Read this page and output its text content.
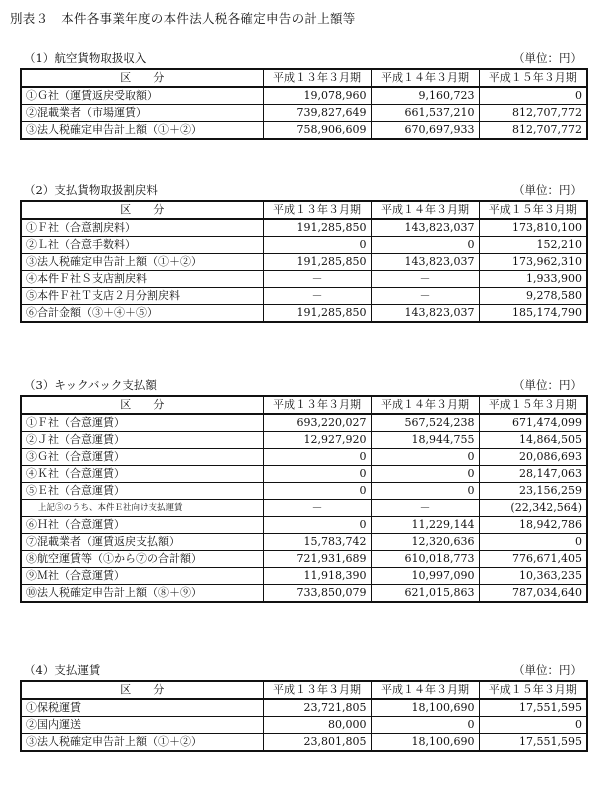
別表３　本件各事業年度の本件法人税各確定申告の計上額等
（1）航空貨物取扱収入	（単位：円）
区　　分	平成１３年３月期	平成１４年３月期	平成１５年３月期
①Ｇ社（運賃返戻受取額）	19,078,960	9,160,723	0
②混載業者（市場運賃）	739,827,649	661,537,210	812,707,772
③法人税確定申告計上額（①＋②）	758,906,609	670,697,933	812,707,772
（2）支払貨物取扱割戻料	（単位：円）
区　　分	平成１３年３月期	平成１４年３月期	平成１５年３月期
①Ｆ社（合意割戻料）	191,285,850	143,823,037	173,810,100
②Ｌ社（合意手数料）	0	0	152,210
③法人税確定申告計上額（①＋②）	191,285,850	143,823,037	173,962,310
④本件Ｆ社Ｓ支店割戻料	－	－	1,933,900
⑤本件Ｆ社Ｔ支店２月分割戻料	－	－	9,278,580
⑥合計金額（③＋④＋⑤）	191,285,850	143,823,037	185,174,790
（3）キックバック支払額	（単位：円）
区　　分	平成１３年３月期	平成１４年３月期	平成１５年３月期
①Ｆ社（合意運賃）	693,220,027	567,524,238	671,474,099
②Ｊ社（合意運賃）	12,927,920	18,944,755	14,864,505
③Ｇ社（合意運賃）	0	0	20,086,693
④Ｋ社（合意運賃）	0	0	28,147,063
⑤Ｅ社（合意運賃）	0	0	23,156,259
上記⑤のうち、本件Ｅ社向け支払運賃	－	－	(22,342,564)
⑥Ｈ社（合意運賃）	0	11,229,144	18,942,786
⑦混載業者（運賃返戻支払額）	15,783,742	12,320,636	0
⑧航空運賃等（①から⑦の合計額）	721,931,689	610,018,773	776,671,405
⑨Ｍ社（合意運賃）	11,918,390	10,997,090	10,363,235
⑩法人税確定申告計上額（⑧＋⑨）	733,850,079	621,015,863	787,034,640
（4）支払運賃	（単位：円）
区　　分	平成１３年３月期	平成１４年３月期	平成１５年３月期
①保税運賃	23,721,805	18,100,690	17,551,595
②国内運送	80,000	0	0
③法人税確定申告計上額（①＋②）	23,801,805	18,100,690	17,551,595
